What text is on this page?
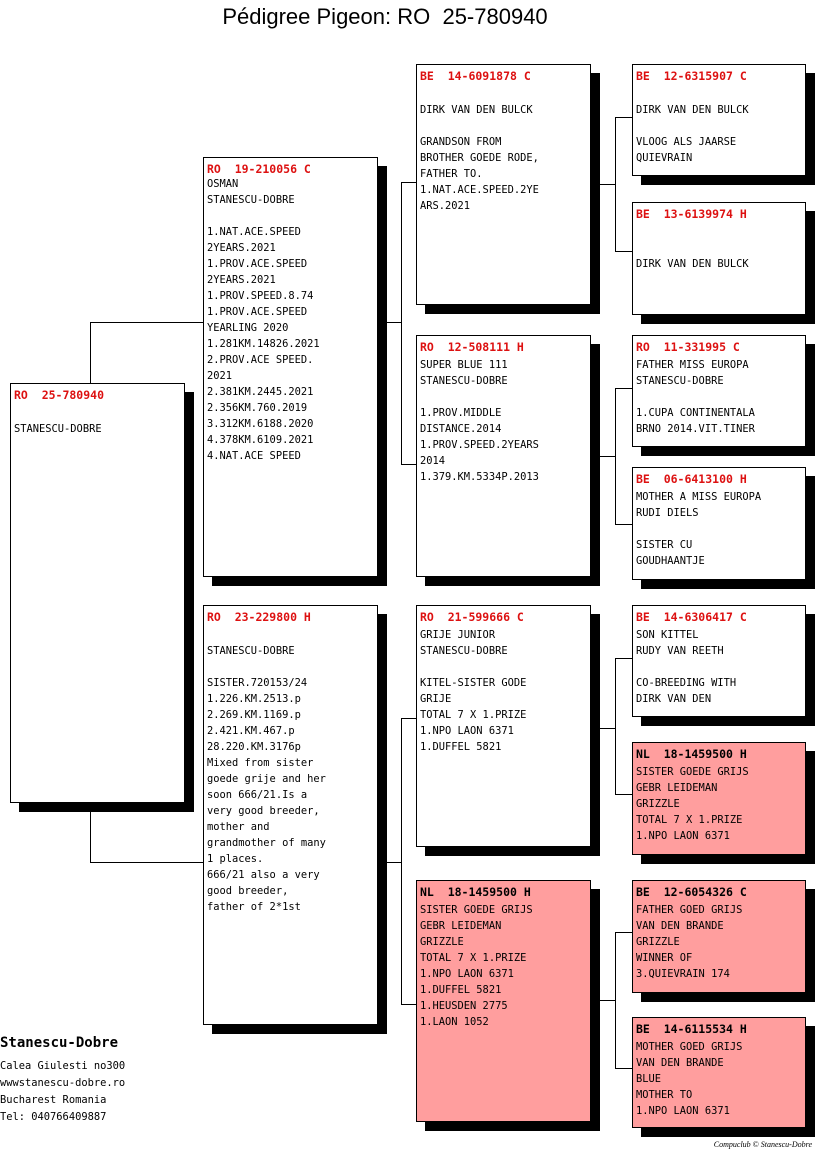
Pédigree Pigeon: RO  25-780940
RO  25-780940
STANESCU-DOBRE
RO  19-210056 C
OSMAN
STANESCU-DOBRE
1.NAT.ACE.SPEED
2YEARS.2021
1.PROV.ACE.SPEED
2YEARS.2021
1.PROV.SPEED.8.74
1.PROV.ACE.SPEED
YEARLING 2020
1.281KM.14826.2021
2.PROV.ACE SPEED.
2021
2.381KM.2445.2021
2.356KM.760.2019
3.312KM.6188.2020
4.378KM.6109.2021
4.NAT.ACE SPEED
RO  23-229800 H
STANESCU-DOBRE
SISTER.720153/24
1.226.KM.2513.p
2.269.KM.1169.p
2.421.KM.467.p
28.220.KM.3176p
Mixed from sister
goede grije and her
soon 666/21.Is a
very good breeder,
mother and
grandmother of many
1 places.
666/21 also a very
good breeder,
father of 2*1st
BE  14-6091878 C
DIRK VAN DEN BULCK
GRANDSON FROM
BROTHER GOEDE RODE,
FATHER TO.
1.NAT.ACE.SPEED.2YE
ARS.2021
RO  12-508111 H
SUPER BLUE 111
STANESCU-DOBRE
1.PROV.MIDDLE
DISTANCE.2014
1.PROV.SPEED.2YEARS
2014
1.379.KM.5334P.2013
RO  21-599666 C
GRIJE JUNIOR
STANESCU-DOBRE
KITEL-SISTER GODE
GRIJE
TOTAL 7 X 1.PRIZE
1.NPO LAON 6371
1.DUFFEL 5821
NL  18-1459500 H
SISTER GOEDE GRIJS
GEBR LEIDEMAN
GRIZZLE
TOTAL 7 X 1.PRIZE
1.NPO LAON 6371
1.DUFFEL 5821
1.HEUSDEN 2775
1.LAON 1052
BE  12-6315907 C
DIRK VAN DEN BULCK
VLOOG ALS JAARSE
QUIEVRAIN
BE  13-6139974 H
DIRK VAN DEN BULCK
RO  11-331995 C
FATHER MISS EUROPA
STANESCU-DOBRE
1.CUPA CONTINENTALA
BRNO 2014.VIT.TINER
BE  06-6413100 H
MOTHER A MISS EUROPA
RUDI DIELS
SISTER CU
GOUDHAANTJE
BE  14-6306417 C
SON KITTEL
RUDY VAN REETH
CO-BREEDING WITH
DIRK VAN DEN
NL  18-1459500 H
SISTER GOEDE GRIJS
GEBR LEIDEMAN
GRIZZLE
TOTAL 7 X 1.PRIZE
1.NPO LAON 6371
BE  12-6054326 C
FATHER GOED GRIJS
VAN DEN BRANDE
GRIZZLE
WINNER OF
3.QUIEVRAIN 174
BE  14-6115534 H
MOTHER GOED GRIJS
VAN DEN BRANDE
BLUE
MOTHER TO
1.NPO LAON 6371
Stanescu-Dobre
Calea Giulesti no300
wwwstanescu-dobre.ro
Bucharest Romania
Tel: 040766409887
Compuclub © Stanescu-Dobre
